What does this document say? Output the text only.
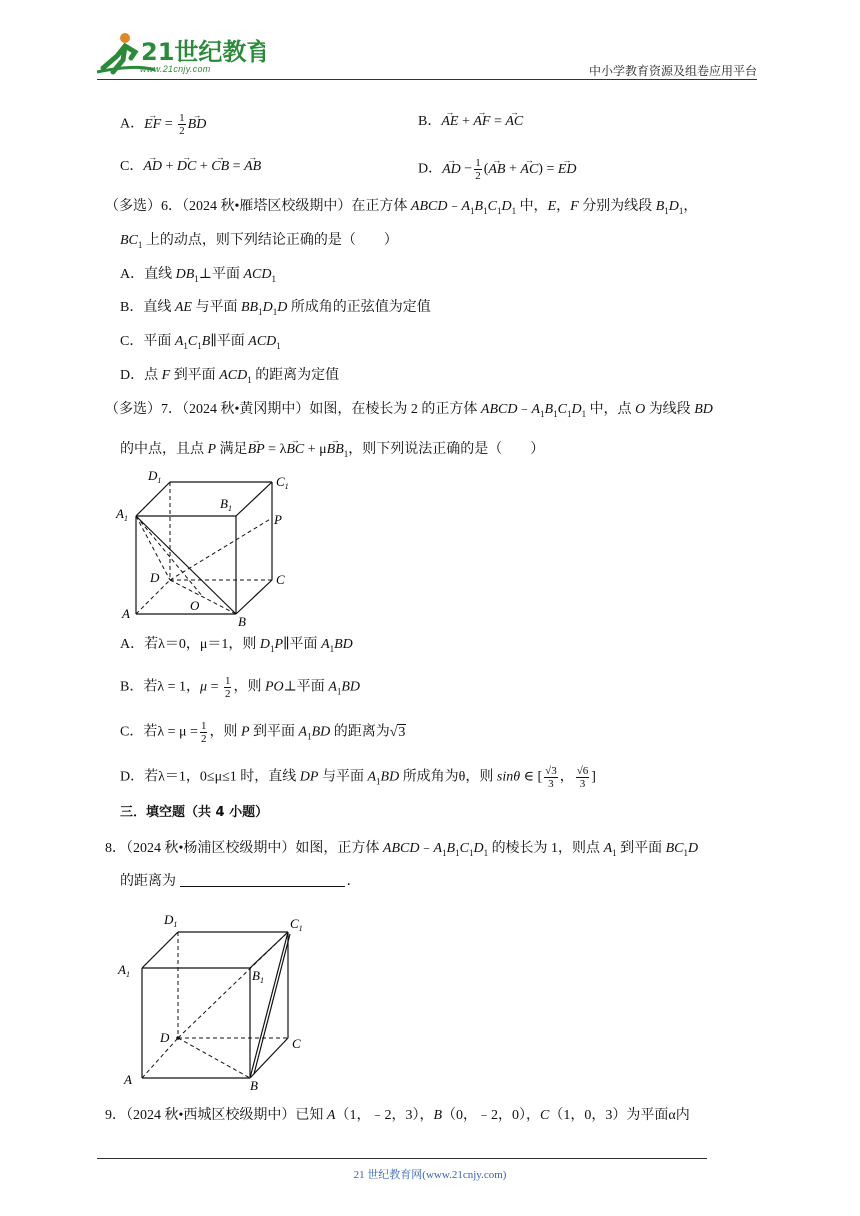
21世纪教育
www.21cnjy.com	中小学教育资源及组卷应用平台
A．→ EF = $\frac{1}{2}$
→ BD	B．→ AE + → AF = → AC
C．→ AD + → DC + → CB = → AB	D．→ AD − $\frac{1}{2}$ (→ AB + → AC) = → ED
（多选）6．（2024 秋•雁塔区校级期中）在正方体 $ABCD﹣A_1B_1C_1D_1$ 中，E，F 分别为线段 $B_1D_1$，
$BC_1$ 上的动点，则下列结论正确的是（　　）
A．直线 $DB_1\perp$平面 $ACD_1$
B．直线 AE 与平面 $BB_1D_1D$ 所成角的正弦值为定值
C．平面 $A_1C_1B\parallel$平面 $ACD_1$
D．点 F 到平面 $ACD_1$ 的距离为定值
（多选）7．（2024 秋•黄冈期中）如图，在棱长为 2 的正方体 $ABCD﹣A_1B_1C_1D_1$ 中，点 O 为线段 BD
的中点，且点 P 满足→ BP = λ→ BC + $\mu\to BB_1$，则下列说法正确的是（　　）
$D_1$
$B_1$
$C_1$
$A_1$	P
D	C
A
O
B
A．若λ＝0，μ＝1，则 $D_1P\parallel$平面 $A_1BD$
B．若λ = 1，$\mu = \frac{1}{2}$ ，则 PO⊥平面 $A_1BD$
C．若$\lambda = \mu = \frac{1}{2}$ ，则 P 到平面 $A_1BD$ 的距离为√3
D．若λ＝1，0≤μ≤1 时，直线 DP 与平面 $A_1BD$ 所成角为θ，则 sinθ ∈ [ $\frac{√3}{3}$ ， $\frac{√6}{3}$ ]
三．填空题（共 4 小题）
8．（2024 秋•杨浦区校级期中）如图，正方体 $ABCD﹣A_1B_1C_1D_1$ 的棱长为 1，则点 $A_1$ 到平面 $BC_1D$
的距离为	．
$D_1$	$C_1$
$A_1$	$B_1$
D	C
A	B
9．（2024 秋•西城区校级期中）已知 A（1，﹣2，3），B（0，﹣2，0），C（1，0，3）为平面α内
21 世纪教育网(www.21cnjy.com)
